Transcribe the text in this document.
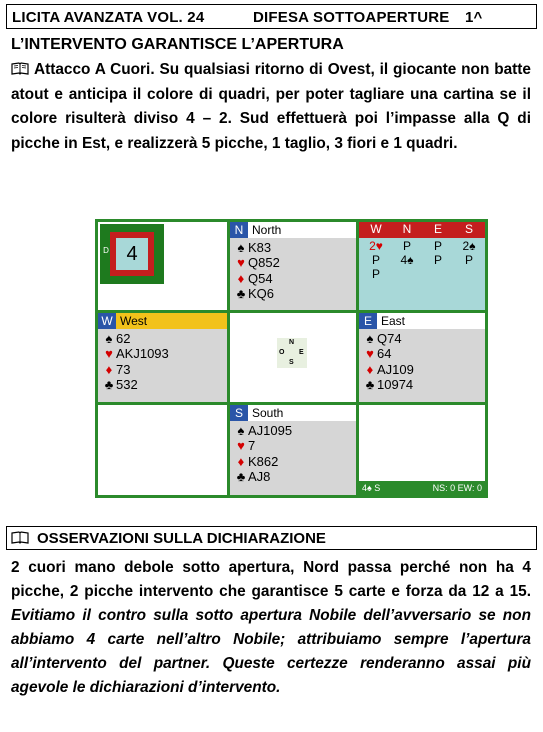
LICITA AVANZATA VOL. 24	DIFESA SOTTOAPERTURE 1^
L’INTERVENTO GARANTISCE L’APERTURA
Attacco A Cuori. Su qualsiasi ritorno di Ovest, il giocante non batte atout e anticipa il colore di quadri, per poter tagliare una cartina se il colore risulterà diviso 4 – 2. Sud effettuerà poi l’impasse alla Q di picche in Est, e realizzerà 5 picche, 1 taglio, 3 fiori e 1 quadri.
4
D
N North
♠ K83
♥ Q852
♦ Q54
♣ KQ6
W	N	E	S
2♥	P	P	2♠
P	4♠	P	P
P
W West
♠ 62
♥ AKJ1093
♦ 73
♣ 532
N
O E
S
E East
♠ Q74
♥ 64
♦ AJ109
♣ 10974
S South
♠ AJ1095
♥ 7
♦ K862
♣ AJ8
4♠ S	NS: 0 EW: 0
OSSERVAZIONI SULLA DICHIARAZIONE
2 cuori mano debole sotto apertura, Nord passa perché non ha 4 picche, 2 picche intervento che garantisce 5 carte e forza da 12 a 15. Evitiamo il contro sulla sotto apertura Nobile dell’avversario se non abbiamo 4 carte nell’altro Nobile; attribuiamo sempre l’apertura all’intervento del partner. Queste certezze renderanno assai più agevole le dichiarazioni d’intervento.
